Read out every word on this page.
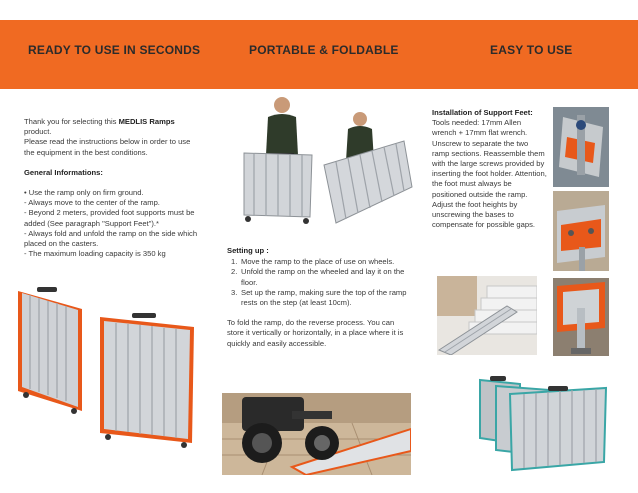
READY TO USE IN SECONDS	PORTABLE & FOLDABLE	EASY TO USE

Thank you for selecting this MEDLIS Ramps product.

Please read the instructions below in order to use the equipment in the best conditions.

General Informations:

• Use the ramp only on firm ground.

- Always move to the center of the ramp.

- Beyond 2 meters, provided foot supports must be added (See paragraph "Support Feet").*

- Always fold and unfold the ramp on the side which placed on the casters.

- The maximum loading capacity is 350 kg	Setting up :

1. Move the ramp to the place of use on wheels.
2. Unfold the ramp on the wheeled and lay it on the floor.
3. Set up the ramp, making sure the top of the ramp rests on the step (at least 10cm).

To fold the ramp, do the reverse process. You can store it vertically or horizontally, in a place where it is quickly and easily accessible.

Installation of Support Feet:

Tools needed: 17mm Allen wrench + 17mm flat wrench. Unscrew to separate the two ramp sections. Reassemble them with the large screws provided by inserting the foot holder. Attention, the foot must always be positioned outside the ramp. Adjust the foot heights by unscrewing the bases to compensate for possible gaps.
